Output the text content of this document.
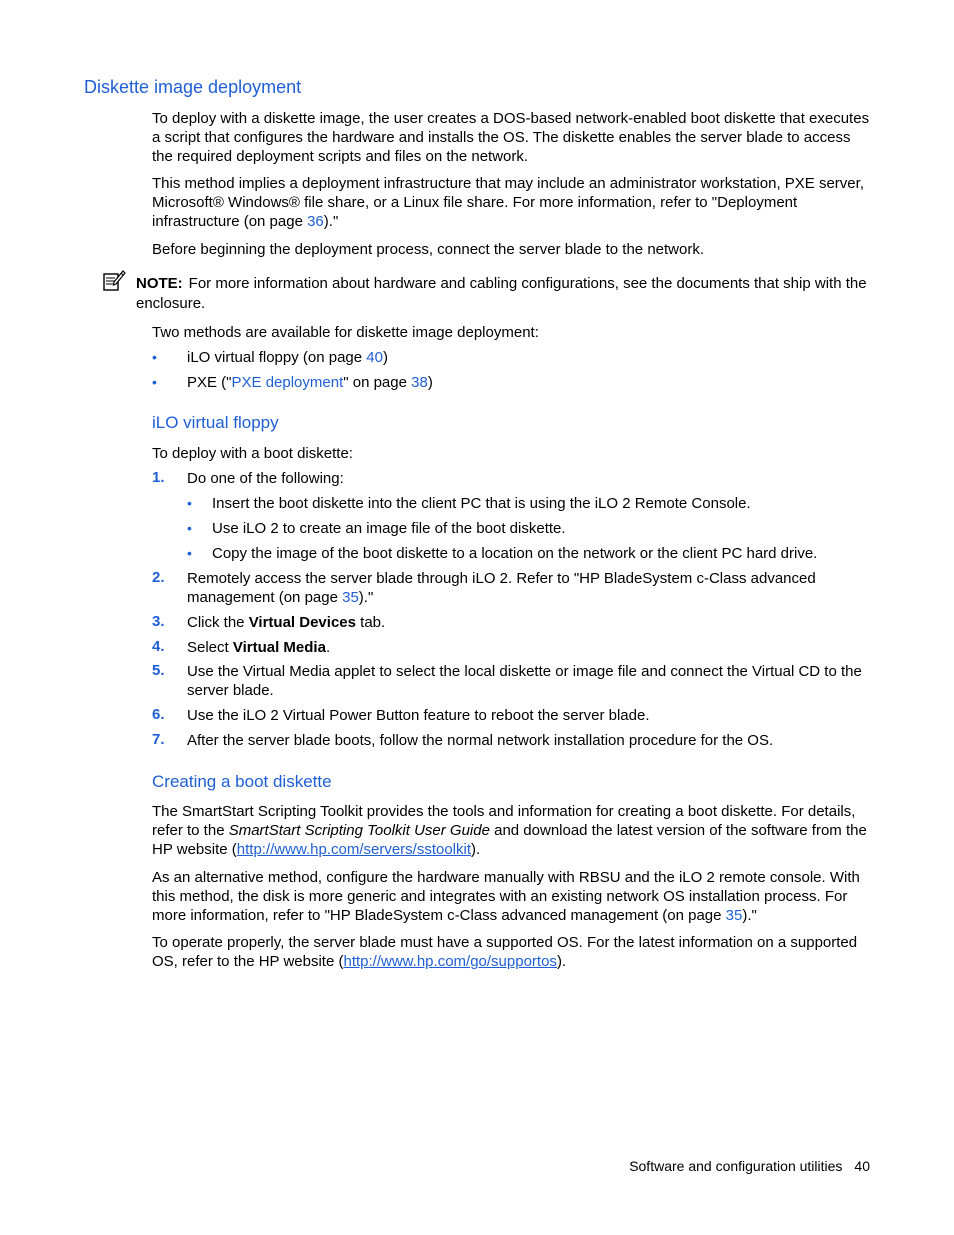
Diskette image deployment

To deploy with a diskette image, the user creates a DOS-based network-enabled boot diskette that executes a script that configures the hardware and installs the OS. The diskette enables the server blade to access the required deployment scripts and files on the network.

This method implies a deployment infrastructure that may include an administrator workstation, PXE server, Microsoft® Windows® file share, or a Linux file share. For more information, refer to "Deployment infrastructure (on page 36)."

Before beginning the deployment process, connect the server blade to the network.

NOTE: For more information about hardware and cabling configurations, see the documents that ship with the enclosure.

Two methods are available for diskette image deployment:

• iLO virtual floppy (on page 40)
• PXE ("PXE deployment" on page 38)
iLO virtual floppy

To deploy with a boot diskette:

1. Do one of the following:
• Insert the boot diskette into the client PC that is using the iLO 2 Remote Console.
• Use iLO 2 to create an image file of the boot diskette.
• Copy the image of the boot diskette to a location on the network or the client PC hard drive.
2. Remotely access the server blade through iLO 2. Refer to "HP BladeSystem c-Class advanced management (on page 35)."
3. Click the Virtual Devices tab.
4. Select Virtual Media.
5. Use the Virtual Media applet to select the local diskette or image file and connect the Virtual CD to the server blade.
6. Use the iLO 2 Virtual Power Button feature to reboot the server blade.
7. After the server blade boots, follow the normal network installation procedure for the OS.
Creating a boot diskette

The SmartStart Scripting Toolkit provides the tools and information for creating a boot diskette. For details, refer to the SmartStart Scripting Toolkit User Guide and download the latest version of the software from the HP website (http://www.hp.com/servers/sstoolkit).

As an alternative method, configure the hardware manually with RBSU and the iLO 2 remote console. With this method, the disk is more generic and integrates with an existing network OS installation process. For more information, refer to "HP BladeSystem c-Class advanced management (on page 35)."

To operate properly, the server blade must have a supported OS. For the latest information on a supported OS, refer to the HP website (http://www.hp.com/go/supportos).

Software and configuration utilities 40
